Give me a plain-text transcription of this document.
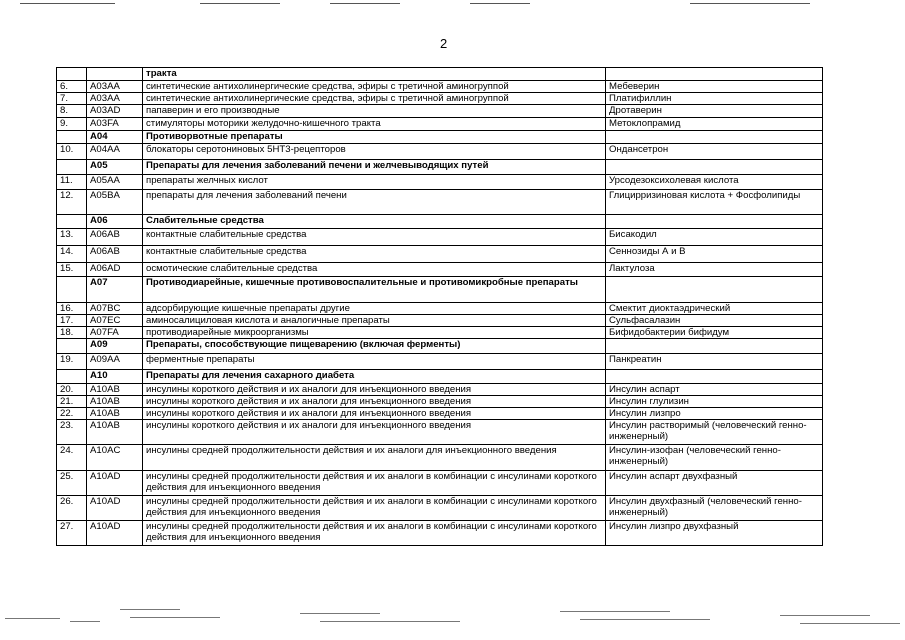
2
		тракта	
6.	A03AA	синтетические антихолинергические средства, эфиры с третичной аминогруппой	Мебеверин
7.	A03AA	синтетические антихолинергические средства, эфиры с третичной аминогруппой	Платифиллин
8.	A03AD	папаверин и его производные	Дротаверин
9.	A03FA	стимуляторы моторики желудочно-кишечного тракта	Метоклопрамид
	A04	Противорвотные препараты	
10.	A04AA	блокаторы серотониновых 5НТ3-рецепторов	Ондансетрон
	A05	Препараты для лечения заболеваний печени и желчевыводящих путей	
11.	A05AA	препараты желчных кислот	Урсодезоксихолевая кислота
12.	A05BA	препараты для лечения заболеваний печени	Глицирризиновая кислота + Фосфолипиды
	A06	Слабительные средства	
13.	A06AB	контактные слабительные средства	Бисакодил
14.	A06AB	контактные слабительные средства	Сеннозиды А и В
15.	A06AD	осмотические слабительные средства	Лактулоза
	A07	Противодиарейные, кишечные противовоспалительные и противомикробные препараты	
16.	A07BC	адсорбирующие кишечные препараты другие	Смектит диоктаэдрический
17.	A07EC	аминосалициловая кислота и аналогичные препараты	Сульфасалазин
18.	A07FA	противодиарейные микроорганизмы	Бифидобактерии бифидум
	A09	Препараты, способствующие пищеварению (включая ферменты)	
19.	A09AA	ферментные препараты	Панкреатин
	A10	Препараты для лечения сахарного диабета	
20.	A10AB	инсулины короткого действия и их аналоги для инъекционного введения	Инсулин аспарт
21.	A10AB	инсулины короткого действия и их аналоги для инъекционного введения	Инсулин глулизин
22.	A10AB	инсулины короткого действия и их аналоги для инъекционного введения	Инсулин лизпро
23.	A10AB	инсулины короткого действия и их аналоги для инъекционного введения	Инсулин растворимый (человеческий генно-инженерный)
24.	A10AC	инсулины средней продолжительности действия и их аналоги для инъекционного введения	Инсулин-изофан (человеческий генно-инженерный)
25.	A10AD	инсулины средней продолжительности действия и их аналоги в комбинации с инсулинами короткого действия для инъекционного введения	Инсулин аспарт двухфазный
26.	A10AD	инсулины средней продолжительности действия и их аналоги в комбинации с инсулинами короткого действия для инъекционного введения	Инсулин двухфазный (человеческий генно-инженерный)
27.	A10AD	инсулины средней продолжительности действия и их аналоги в комбинации с инсулинами короткого действия для инъекционного введения	Инсулин лизпро двухфазный
